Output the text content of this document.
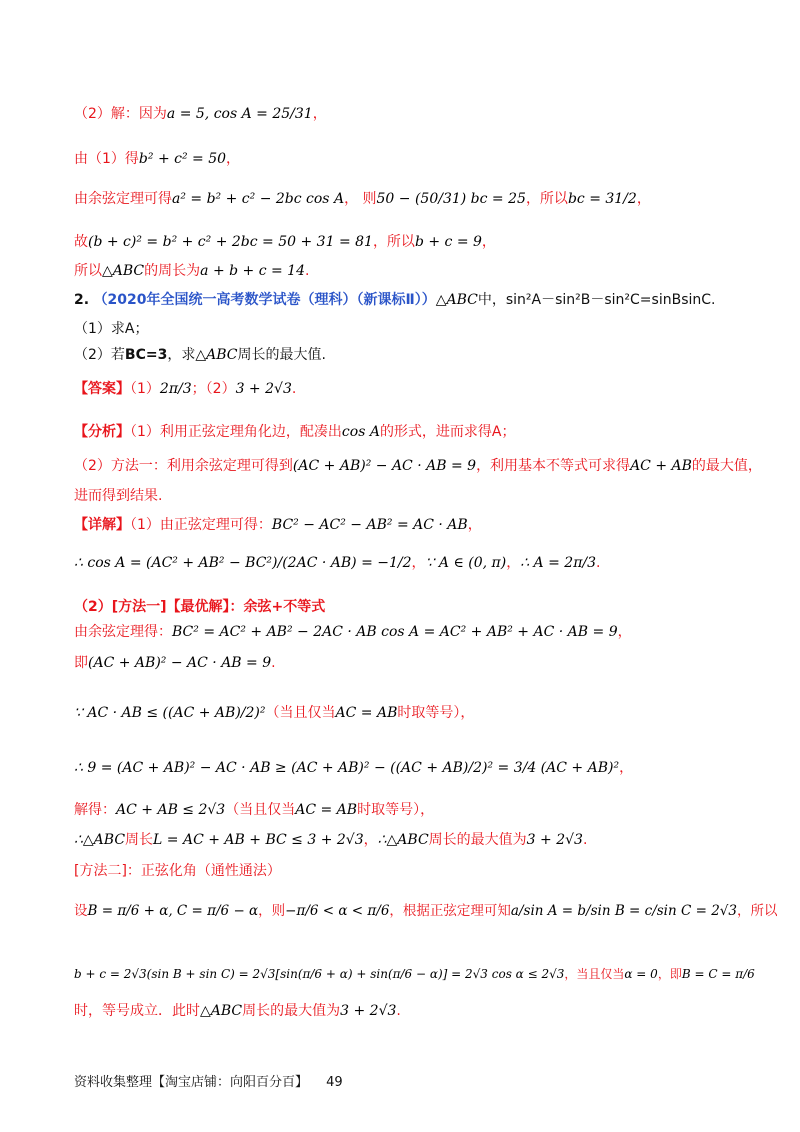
（2）解：因为a = 5, cos A = 25/31，
由（1）得b² + c² = 50，
由余弦定理可得a² = b² + c² − 2bc cos A， 则50 − (50/31) bc = 25，所以bc = 31/2，
故(b + c)² = b² + c² + 2bc = 50 + 31 = 81，所以b + c = 9，
所以△ABC的周长为a + b + c = 14.
2. （2020年全国统一高考数学试卷（理科）（新课标Ⅱ））△ABC中，sin²A－sin²B－sin²C=sinBsinC.
（1）求A；
（2）若BC=3，求△ABC周长的最大值.
【答案】（1）2π/3；（2）3 + 2√3.
【分析】（1）利用正弦定理角化边，配凑出cos A的形式，进而求得A；
（2）方法一：利用余弦定理可得到(AC + AB)² − AC · AB = 9，利用基本不等式可求得AC + AB的最大值，
进而得到结果.
【详解】（1）由正弦定理可得：BC² − AC² − AB² = AC · AB，
∴ cos A = (AC² + AB² − BC²)/(2AC · AB) = −1/2，∵ A ∈ (0, π)，∴ A = 2π/3.
（2）[方法一]【最优解】：余弦+不等式
由余弦定理得：BC² = AC² + AB² − 2AC · AB cos A = AC² + AB² + AC · AB = 9，
即(AC + AB)² − AC · AB = 9.
∵ AC · AB ≤ ((AC + AB)/2)²（当且仅当AC = AB时取等号），
∴ 9 = (AC + AB)² − AC · AB ≥ (AC + AB)² − ((AC + AB)/2)² = 3/4 (AC + AB)²，
解得：AC + AB ≤ 2√3（当且仅当AC = AB时取等号），
∴△ABC周长L = AC + AB + BC ≤ 3 + 2√3，∴△ABC周长的最大值为3 + 2√3.
[方法二]：正弦化角（通性通法）
设B = π/6 + α, C = π/6 − α，则−π/6 < α < π/6，根据正弦定理可知a/sin A = b/sin B = c/sin C = 2√3，所以
b + c = 2√3(sin B + sin C) = 2√3[sin(π/6 + α) + sin(π/6 − α)] = 2√3 cos α ≤ 2√3，当且仅当α = 0，即B = C = π/6
时，等号成立．此时△ABC周长的最大值为3 + 2√3.
资料收集整理【淘宝店铺：向阳百分百】 49
